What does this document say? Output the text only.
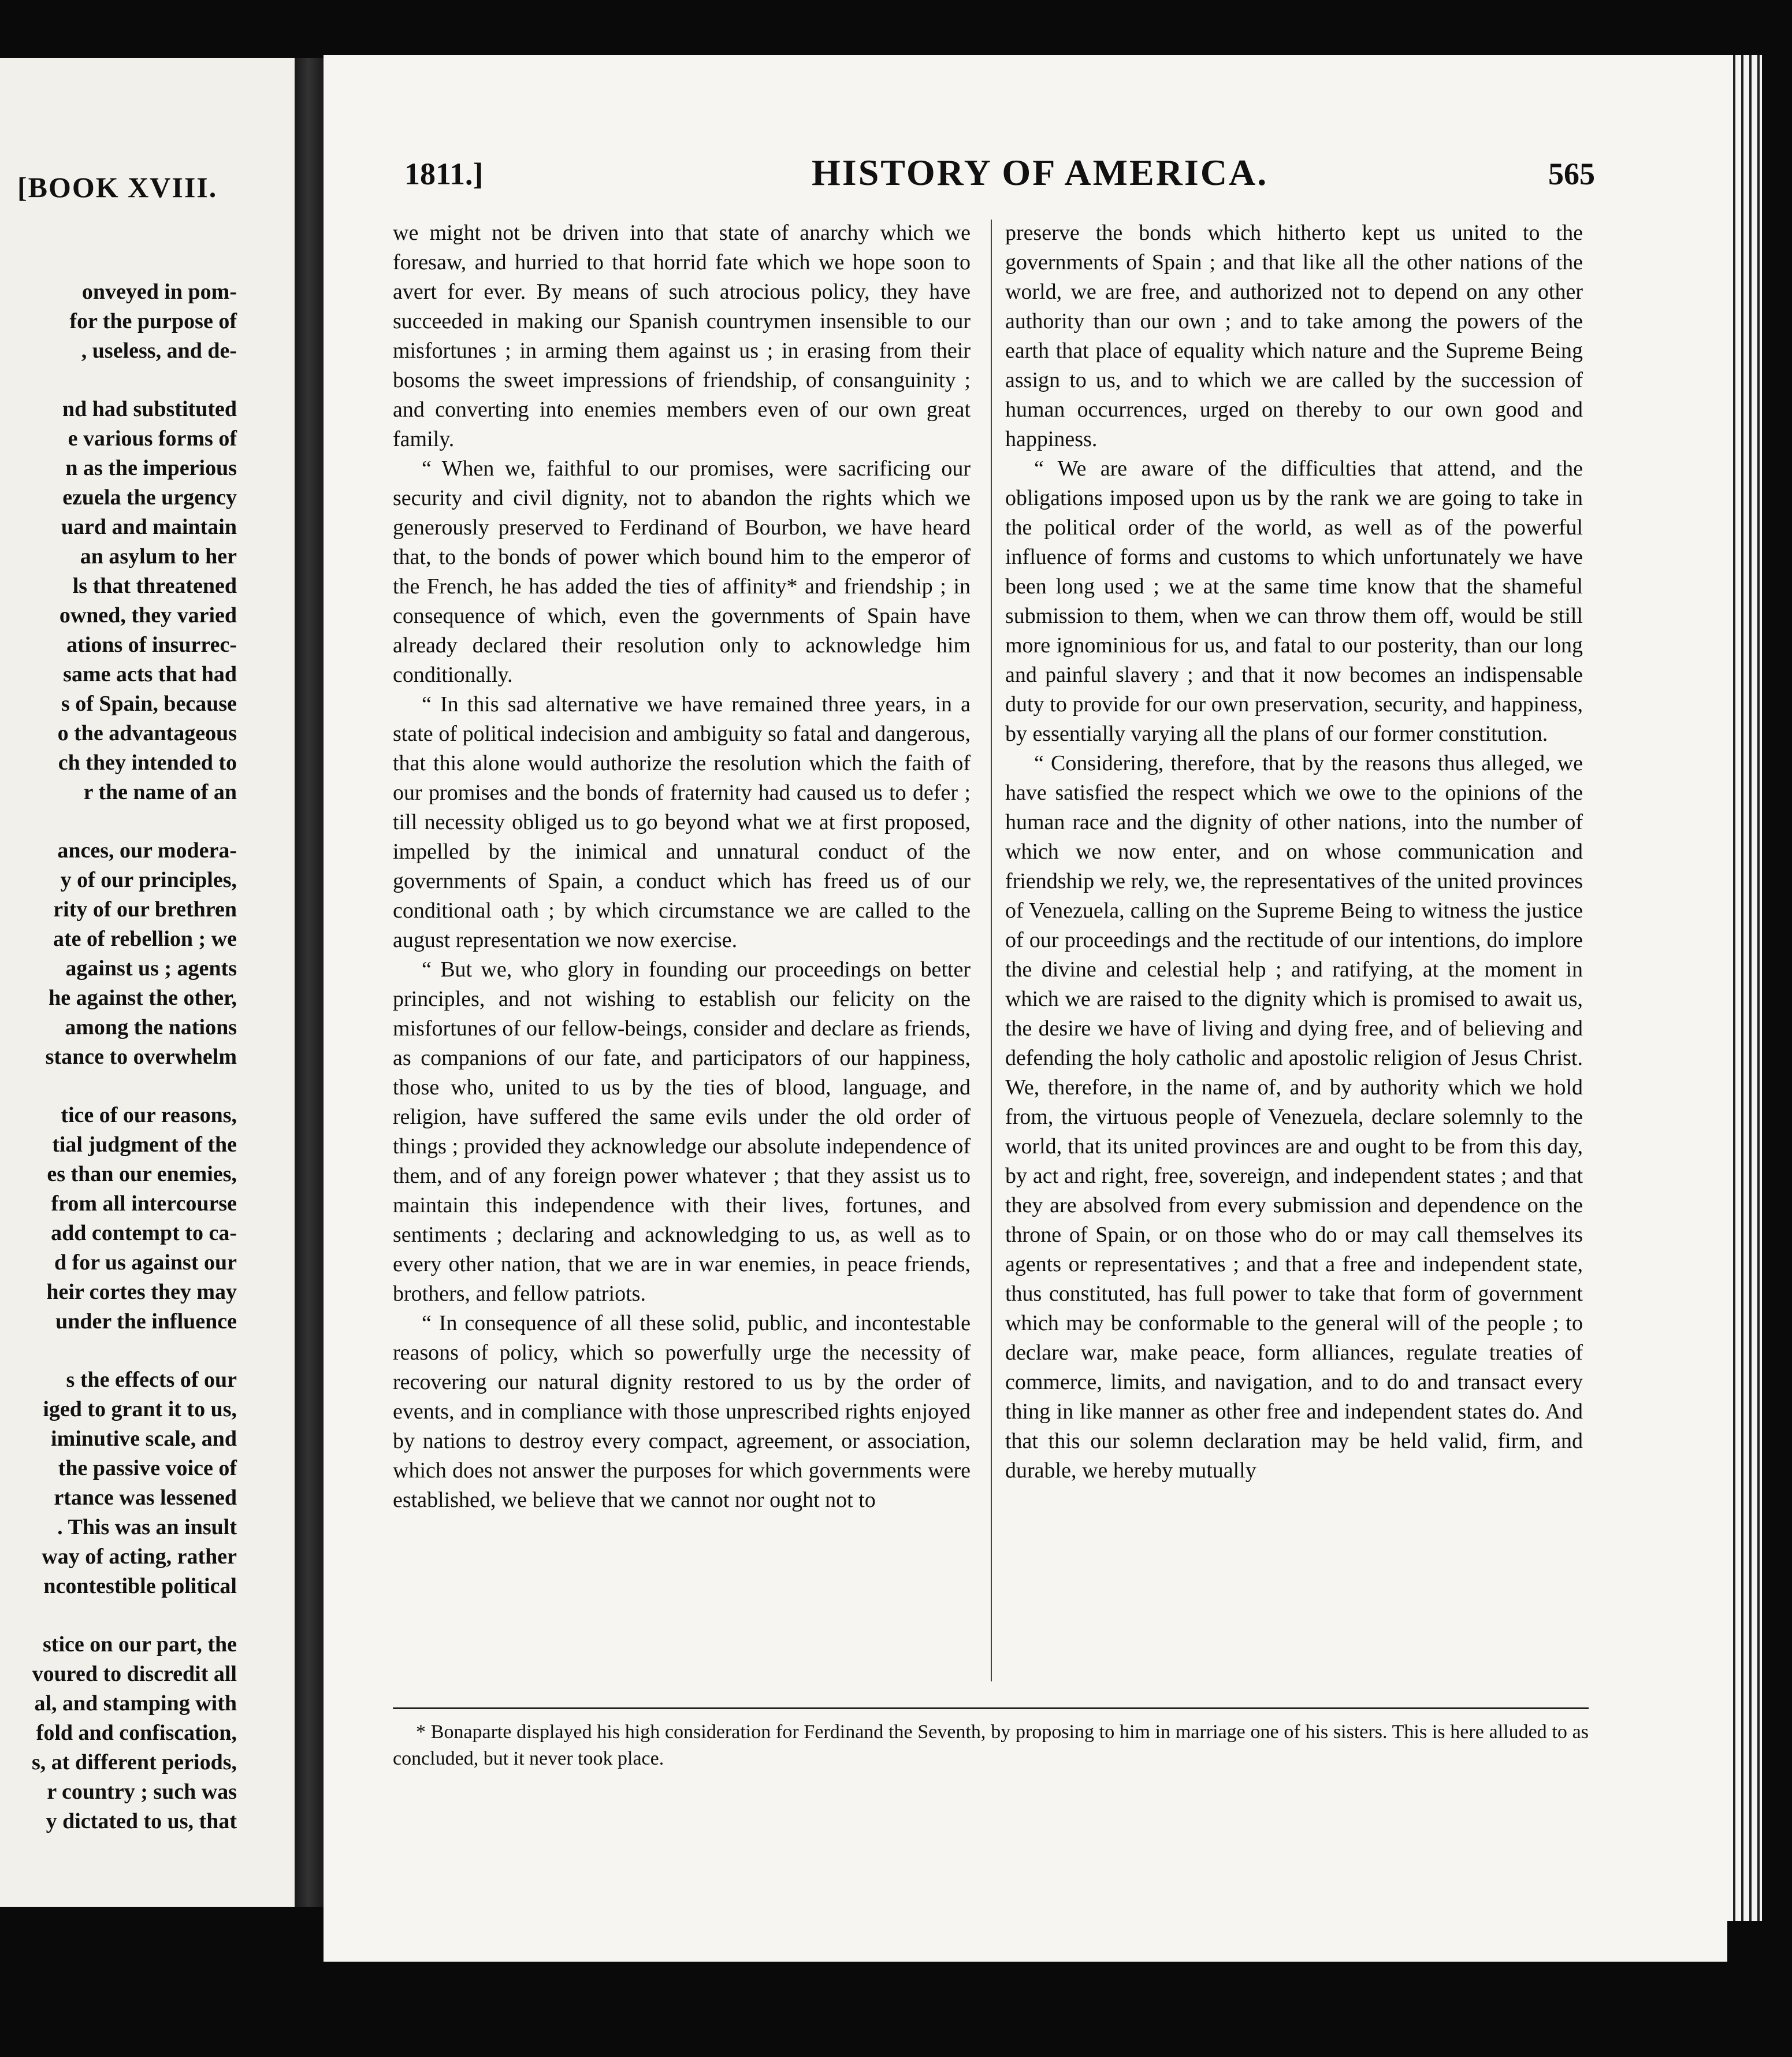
[BOOK XVIII.
onveyed in pom-
for the purpose of
, useless, and de-
nd had substituted
e various forms of
n as the imperious
ezuela the urgency
uard and maintain
an asylum to her
ls that threatened
owned, they varied
ations of insurrec-
same acts that had
s of Spain, because
o the advantageous
ch they intended to
r the name of an
ances, our modera-
y of our principles,
rity of our brethren
ate of rebellion ; we
against us ; agents
he against the other,
among the nations
stance to overwhelm
tice of our reasons,
tial judgment of the
es than our enemies,
from all intercourse
add contempt to ca-
d for us against our
heir cortes they may
under the influence
s the effects of our
iged to grant it to us,
iminutive scale, and
the passive voice of
rtance was lessened
. This was an insult
way of acting, rather
ncontestible political
stice on our part, the
voured to discredit all
al, and stamping with
fold and confiscation,
s, at different periods,
r country ; such was
y dictated to us, that
1811.]	HISTORY OF AMERICA.	565

we might not be driven into that state of anarchy which we foresaw, and hurried to that horrid fate which we hope soon to avert for ever. By means of such atrocious policy, they have succeeded in making our Spanish countrymen insensible to our misfortunes ; in arming them against us ; in erasing from their bosoms the sweet impressions of friendship, of consanguinity ; and converting into enemies members even of our own great family.

“ When we, faithful to our promises, were sacrificing our security and civil dignity, not to abandon the rights which we generously preserved to Ferdinand of Bourbon, we have heard that, to the bonds of power which bound him to the emperor of the French, he has added the ties of affinity* and friendship ; in consequence of which, even the governments of Spain have already declared their resolution only to acknowledge him conditionally.

“ In this sad alternative we have remained three years, in a state of political indecision and ambiguity so fatal and dangerous, that this alone would authorize the resolution which the faith of our promises and the bonds of fraternity had caused us to defer ; till necessity obliged us to go beyond what we at first proposed, impelled by the inimical and unnatural conduct of the governments of Spain, a conduct which has freed us of our conditional oath ; by which circumstance we are called to the august representation we now exercise.

“ But we, who glory in founding our proceedings on better principles, and not wishing to establish our felicity on the misfortunes of our fellow-beings, consider and declare as friends, as companions of our fate, and participators of our happiness, those who, united to us by the ties of blood, language, and religion, have suffered the same evils under the old order of things ; provided they acknowledge our absolute independence of them, and of any foreign power whatever ; that they assist us to maintain this independence with their lives, fortunes, and sentiments ; declaring and acknowledging to us, as well as to every other nation, that we are in war enemies, in peace friends, brothers, and fellow patriots.

“ In consequence of all these solid, public, and incontestable reasons of policy, which so powerfully urge the necessity of recovering our natural dignity restored to us by the order of events, and in compliance with those unprescribed rights enjoyed by nations to destroy every compact, agreement, or association, which does not answer the purposes for which governments were established, we believe that we cannot nor ought not to

preserve the bonds which hitherto kept us united to the governments of Spain ; and that like all the other nations of the world, we are free, and authorized not to depend on any other authority than our own ; and to take among the powers of the earth that place of equality which nature and the Supreme Being assign to us, and to which we are called by the succession of human occurrences, urged on thereby to our own good and happiness.

“ We are aware of the difficulties that attend, and the obligations imposed upon us by the rank we are going to take in the political order of the world, as well as of the powerful influence of forms and customs to which unfortunately we have been long used ; we at the same time know that the shameful submission to them, when we can throw them off, would be still more ignominious for us, and fatal to our posterity, than our long and painful slavery ; and that it now becomes an indispensable duty to provide for our own preservation, security, and happiness, by essentially varying all the plans of our former constitution.

“ Considering, therefore, that by the reasons thus alleged, we have satisfied the respect which we owe to the opinions of the human race and the dignity of other nations, into the number of which we now enter, and on whose communication and friendship we rely, we, the representatives of the united provinces of Venezuela, calling on the Supreme Being to witness the justice of our proceedings and the rectitude of our intentions, do implore the divine and celestial help ; and ratifying, at the moment in which we are raised to the dignity which is promised to await us, the desire we have of living and dying free, and of believing and defending the holy catholic and apostolic religion of Jesus Christ. We, therefore, in the name of, and by authority which we hold from, the virtuous people of Venezuela, declare solemnly to the world, that its united provinces are and ought to be from this day, by act and right, free, sovereign, and independent states ; and that they are absolved from every submission and dependence on the throne of Spain, or on those who do or may call themselves its agents or representatives ; and that a free and independent state, thus constituted, has full power to take that form of government which may be conformable to the general will of the people ; to declare war, make peace, form alliances, regulate treaties of commerce, limits, and navigation, and to do and transact every thing in like manner as other free and independent states do. And that this our solemn declaration may be held valid, firm, and durable, we hereby mutually

* Bonaparte displayed his high consideration for Ferdinand the Seventh, by proposing to him in marriage one of his sisters. This is here alluded to as concluded, but it never took place.
